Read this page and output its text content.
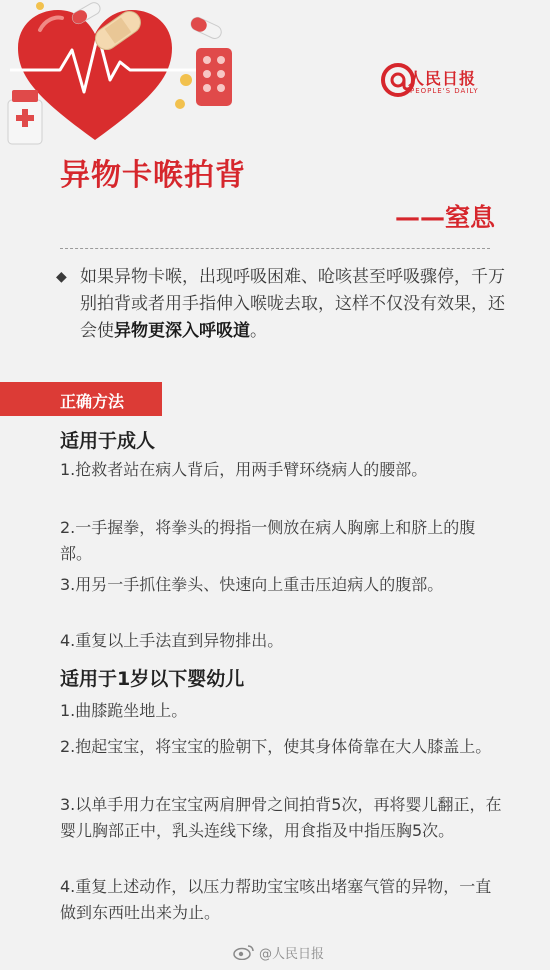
人民日报
PEOPLE'S DAILY
异物卡喉拍背
——窒息
◆ 如果异物卡喉，出现呼吸困难、呛咳甚至呼吸骤停，千万别拍背或者用手指伸入喉咙去取，这样不仅没有效果，还会使异物更深入呼吸道。

正确方法
适用于成人

1.抢救者站在病人背后，用两手臂环绕病人的腰部。

2.一手握拳，将拳头的拇指一侧放在病人胸廓上和脐上的腹部。

3.用另一手抓住拳头、快速向上重击压迫病人的腹部。

4.重复以上手法直到异物排出。

适用于1岁以下婴幼儿

1.曲膝跪坐地上。

2.抱起宝宝，将宝宝的脸朝下，使其身体倚靠在大人膝盖上。

3.以单手用力在宝宝两肩胛骨之间拍背5次，再将婴儿翻正，在婴儿胸部正中，乳头连线下缘，用食指及中指压胸5次。

4.重复上述动作，以压力帮助宝宝咳出堵塞气管的异物，一直做到东西吐出来为止。

@人民日报
